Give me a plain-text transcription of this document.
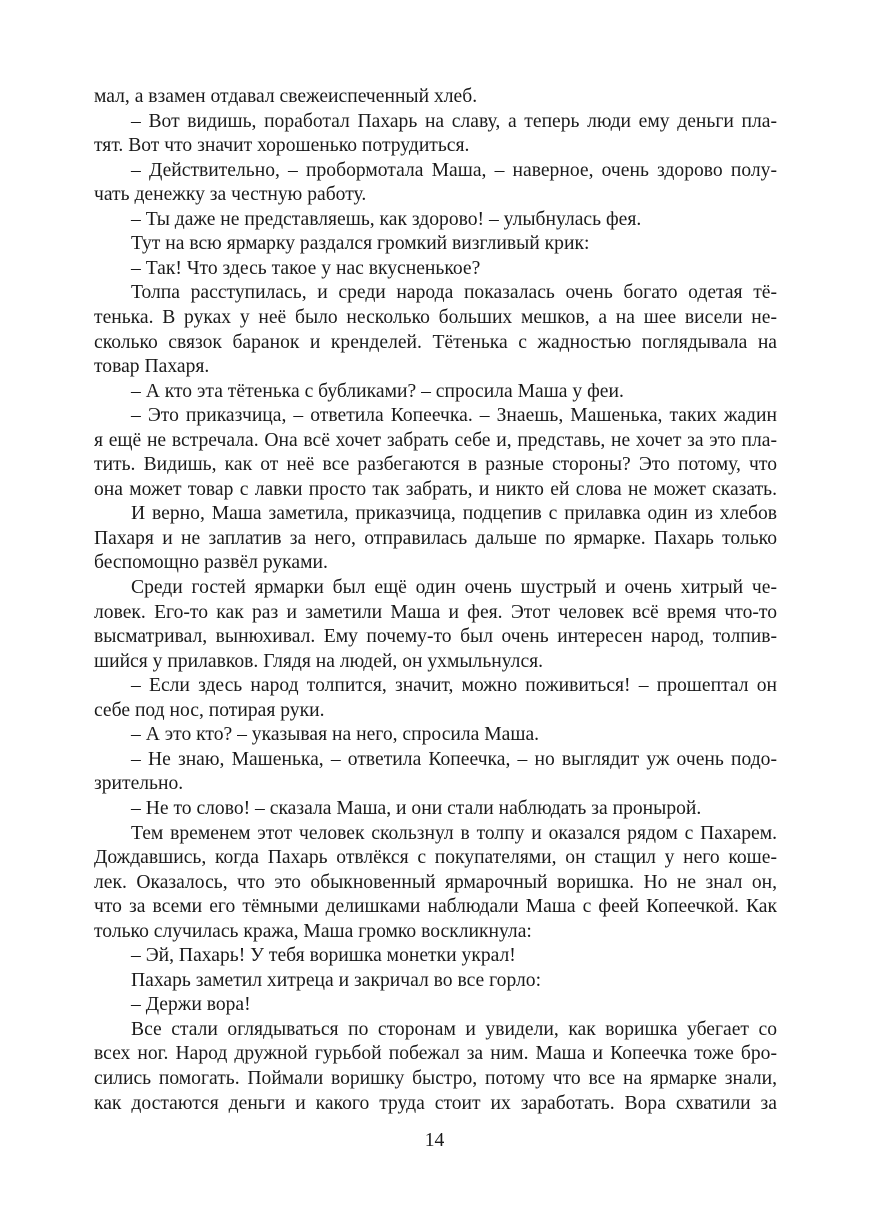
мал, а взамен отдавал свежеиспеченный хлеб.
– Вот видишь, поработал Пахарь на славу, а теперь люди ему деньги пла-
тят. Вот что значит хорошенько потрудиться.
– Действительно, – пробормотала Маша, – наверное, очень здорово полу-
чать денежку за честную работу.
– Ты даже не представляешь, как здорово! – улыбнулась фея.
Тут на всю ярмарку раздался громкий визгливый крик:
– Так! Что здесь такое у нас вкусненькое?
Толпа расступилась, и среди народа показалась очень богато одетая тё-
тенька. В руках у неё было несколько больших мешков, а на шее висели не-
сколько связок баранок и кренделей. Тётенька с жадностью поглядывала на
товар Пахаря.
– А кто эта тётенька с бубликами? – спросила Маша у феи.
– Это приказчица, – ответила Копеечка. – Знаешь, Машенька, таких жадин
я ещё не встречала. Она всё хочет забрать себе и, представь, не хочет за это пла-
тить. Видишь, как от неё все разбегаются в разные стороны? Это потому, что
она может товар с лавки просто так забрать, и никто ей слова не может сказать.
И верно, Маша заметила, приказчица, подцепив с прилавка один из хлебов
Пахаря и не заплатив за него, отправилась дальше по ярмарке. Пахарь только
беспомощно развёл руками.
Среди гостей ярмарки был ещё один очень шустрый и очень хитрый че-
ловек. Его-то как раз и заметили Маша и фея. Этот человек всё время что-то
высматривал, вынюхивал. Ему почему-то был очень интересен народ, толпив-
шийся у прилавков. Глядя на людей, он ухмыльнулся.
– Если здесь народ толпится, значит, можно поживиться! – прошептал он
себе под нос, потирая руки.
– А это кто? – указывая на него, спросила Маша.
– Не знаю, Машенька, – ответила Копеечка, – но выглядит уж очень подо-
зрительно.
– Не то слово! – сказала Маша, и они стали наблюдать за пронырой.
Тем временем этот человек скользнул в толпу и оказался рядом с Пахарем.
Дождавшись, когда Пахарь отвлёкся с покупателями, он стащил у него коше-
лек. Оказалось, что это обыкновенный ярмарочный воришка. Но не знал он,
что за всеми его тёмными делишками наблюдали Маша с феей Копеечкой. Как
только случилась кража, Маша громко воскликнула:
– Эй, Пахарь! У тебя воришка монетки украл!
Пахарь заметил хитреца и закричал во все горло:
– Держи вора!
Все стали оглядываться по сторонам и увидели, как воришка убегает со
всех ног. Народ дружной гурьбой побежал за ним. Маша и Копеечка тоже бро-
сились помогать. Поймали воришку быстро, потому что все на ярмарке знали,
как достаются деньги и какого труда стоит их заработать. Вора схватили за
14
